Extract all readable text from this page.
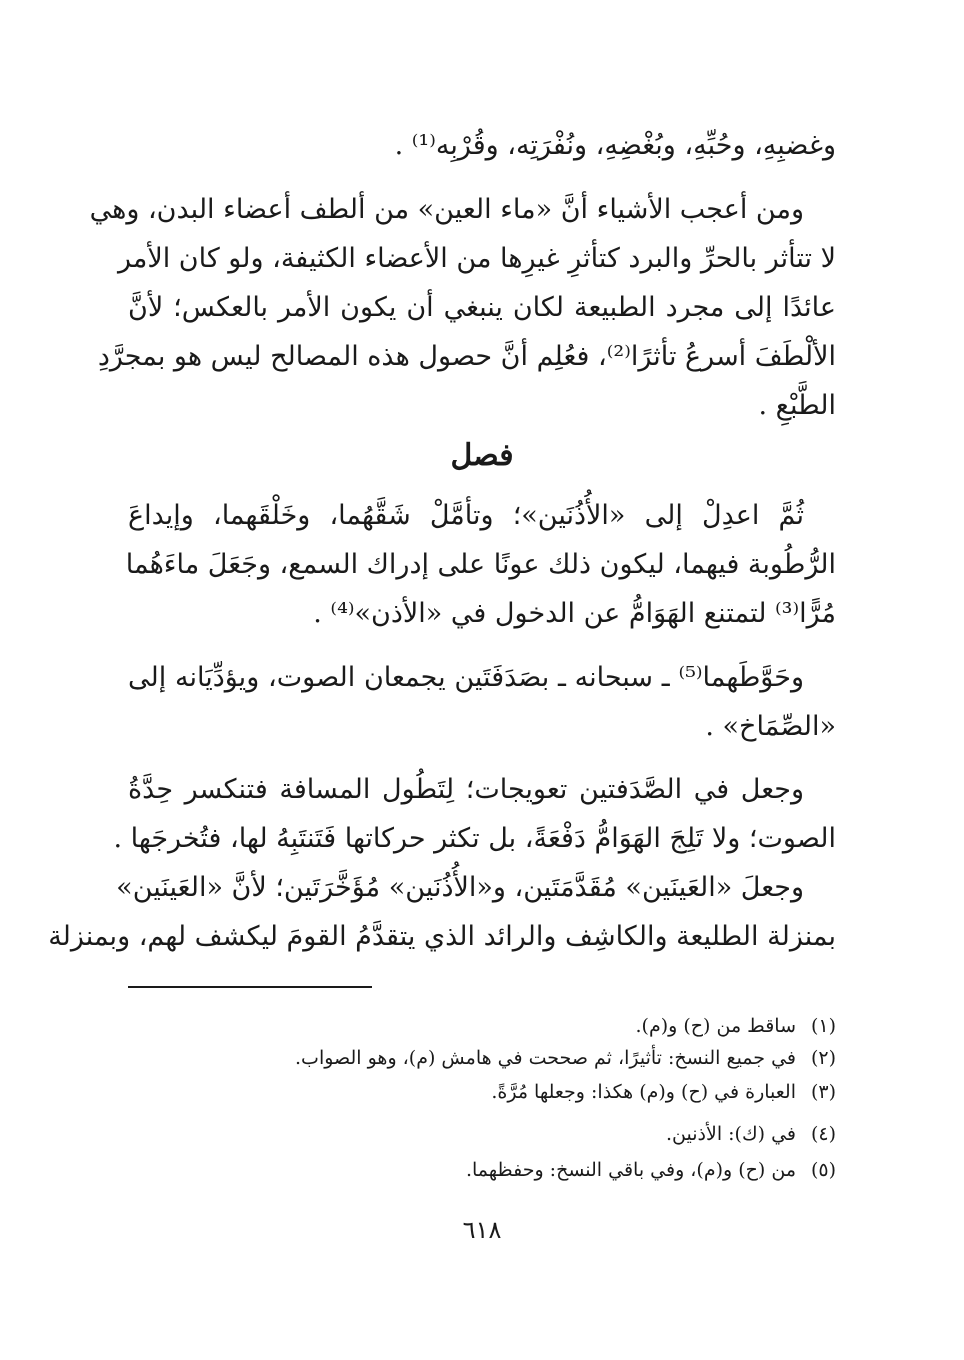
وغضبِهِ، وحُبِّهِ، وبُغْضِهِ، ونُفْرَتِه، وقُرْبِه⁽¹⁾ .
ومن أعجب الأشياء أنَّ «ماء العين» من ألطف أعضاء البدن، وهي
لا تتأثر بالحرِّ والبرد كتأثرِ غيرِها من الأعضاء الكثيفة، ولو كان الأمر
عائدًا إلى مجرد الطبيعة لكان ينبغي أن يكون الأمر بالعكس؛ لأنَّ
الألْطَفَ أسرعُ تأثرًا⁽²⁾، فعُلِم أنَّ حصول هذه المصالح ليس هو بمجرَّدِ
الطَّبْعِ .
فصل
ثُمَّ اعدِلْ إلى «الأُذُنَين»؛ وتأمَّلْ شَقَّهُما، وخَلْقَهما، وإيداعَ
الرُّطُوبة فيهما، ليكون ذلك عونًا على إدراك السمع، وجَعَلَ ماءَهُما
مُرًّا⁽³⁾ لتمتنع الهَوَامُّ عن الدخول في «الأذن»⁽⁴⁾ .
وحَوَّطَهما⁽⁵⁾ ـ سبحانه ـ بصَدَفَتَين يجمعان الصوت، ويؤدِّيَانه إلى
«الصِّمَاخ» .
وجعل في الصَّدَفتين تعويجات؛ لِتَطُول المسافة فتنكسر حِدَّةُ
الصوت؛ ولا تَلِجَ الهَوَامُّ دَفْعَةً، بل تكثر حركاتها فَتَنتَبِهُ لها، فتُخرجَها .
وجعلَ «العَينَين» مُقَدَّمَتَين، و«الأُذُنَين» مُؤَخَّرَتَين؛ لأنَّ «العَينَين»
بمنزلة الطليعة والكاشِف والرائد الذي يتقدَّمُ القومَ ليكشف لهم، وبمنزلة
(١)ساقط من (ح) و(م).
(٢)في جميع النسخ: تأثيرًا، ثم صححت في هامش (م)، وهو الصواب.
(٣)العبارة في (ح) و(م) هكذا: وجعلها مُرَّةً.
(٤)في (ك): الأذنين.
(٥)من (ح) و(م)، وفي باقي النسخ: وحفظهما.
٦١٨
